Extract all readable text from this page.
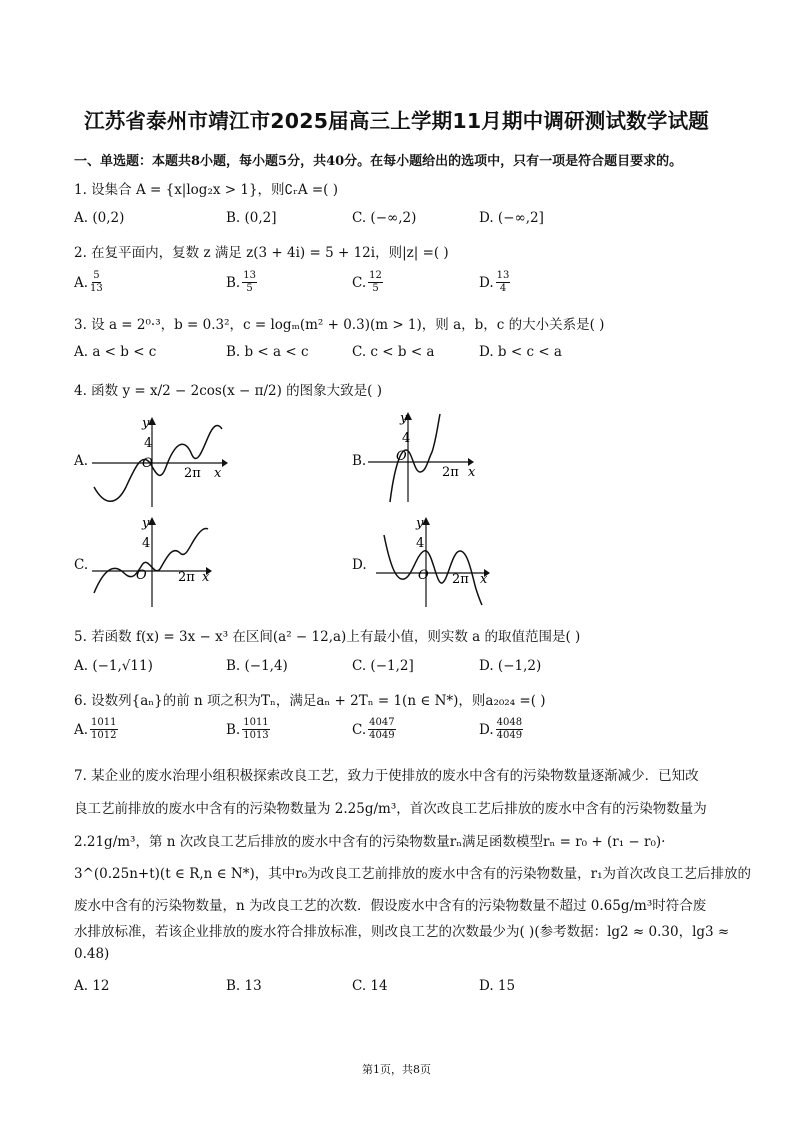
江苏省泰州市靖江市2025届高三上学期11月期中调研测试数学试题
一、单选题：本题共8小题，每小题5分，共40分。在每小题给出的选项中，只有一项是符合题目要求的。
1. 设集合 A = {x|log₂x > 1}，则∁ᵣA =( )
A. (0,2)	B. (0,2]	C. (−∞,2)	D. (−∞,2]
2. 在复平面内，复数 z 满足 z(3 + 4i) = 5 + 12i，则|z| =( )
A. $\frac{5}{13}$	B. $\frac{13}{5}$	C. $\frac{12}{5}$	D. $\frac{13}{4}$
3. 设 a = 2⁰·³，b = 0.3²，c = logₘ(m² + 0.3)(m > 1)，则 a，b，c 的大小关系是( )
A. a < b < c	B. b < a < c	C. c < b < a	D. b < c < a
4. 函数 y = x/2 − 2cos(x − π/2) 的图象大致是( )
A.
y
x
O
4
2π
B.
y
x
O
4
2π
C.
y
x
O
4
2π
D.
y
x
O
4
2π
5. 若函数 f(x) = 3x − x³ 在区间(a² − 12,a)上有最小值，则实数 a 的取值范围是( )
A. (−1,√11)	B. (−1,4)	C. (−1,2]	D. (−1,2)
6. 设数列{aₙ}的前 n 项之积为Tₙ，满足aₙ + 2Tₙ = 1(n ∈ N*)，则a₂₀₂₄ =( )
A. $\frac{1011}{1012}$	B. $\frac{1011}{1013}$	C. $\frac{4047}{4049}$	D. $\frac{4048}{4049}$
7. 某企业的废水治理小组积极探索改良工艺，致力于使排放的废水中含有的污染物数量逐渐减少．已知改
良工艺前排放的废水中含有的污染物数量为 2.25g/m³，首次改良工艺后排放的废水中含有的污染物数量为
2.21g/m³，第 n 次改良工艺后排放的废水中含有的污染物数量rₙ满足函数模型rₙ = r₀ + (r₁ − r₀)·
3^(0.25n+t)(t ∈ R,n ∈ N*)，其中r₀为改良工艺前排放的废水中含有的污染物数量，r₁为首次改良工艺后排放的
废水中含有的污染物数量，n 为改良工艺的次数．假设废水中含有的污染物数量不超过 0.65g/m³时符合废
水排放标准，若该企业排放的废水符合排放标准，则改良工艺的次数最少为( )(参考数据：lg2 ≈ 0.30，lg3 ≈
0.48)
A. 12	B. 13	C. 14	D. 15
第1页，共8页
